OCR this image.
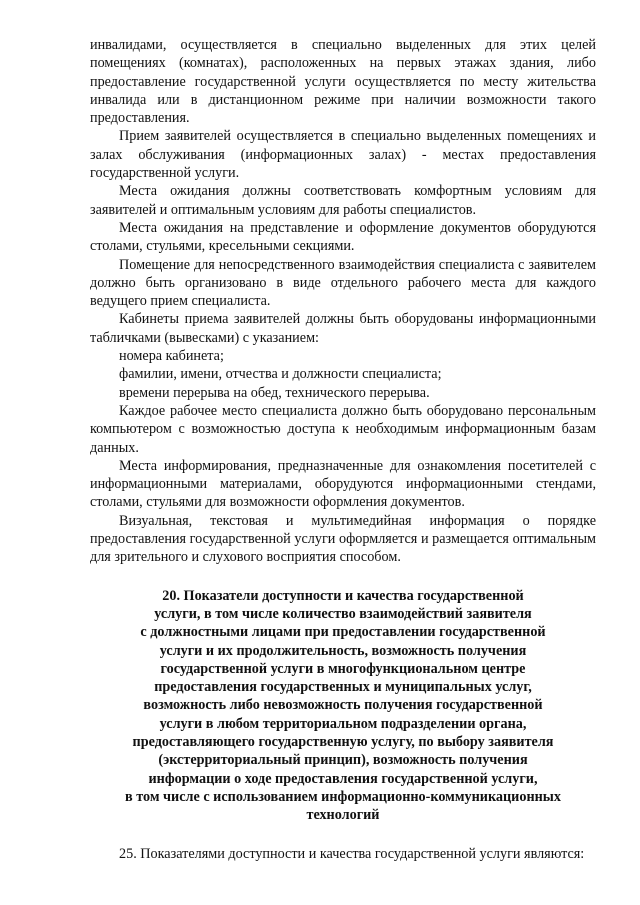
инвалидами, осуществляется в специально выделенных для этих целей помещениях (комнатах), расположенных на первых этажах здания, либо предоставление государственной услуги осуществляется по месту жительства инвалида или в дистанционном режиме при наличии возможности такого предоставления.

Прием заявителей осуществляется в специально выделенных помещениях и залах обслуживания (информационных залах) - местах предоставления государственной услуги.

Места ожидания должны соответствовать комфортным условиям для заявителей и оптимальным условиям для работы специалистов.

Места ожидания на представление и оформление документов оборудуются столами, стульями, кресельными секциями.

Помещение для непосредственного взаимодействия специалиста с заявителем должно быть организовано в виде отдельного рабочего места для каждого ведущего прием специалиста.

Кабинеты приема заявителей должны быть оборудованы информационными табличками (вывесками) с указанием:

номера кабинета;

фамилии, имени, отчества и должности специалиста;

времени перерыва на обед, технического перерыва.

Каждое рабочее место специалиста должно быть оборудовано персональным компьютером с возможностью доступа к необходимым информационным базам данных.

Места информирования, предназначенные для ознакомления посетителей с информационными материалами, оборудуются информационными стендами, столами, стульями для возможности оформления документов.

Визуальная, текстовая и мультимедийная информация о порядке предоставления государственной услуги оформляется и размещается оптимальным для зрительного и слухового восприятия способом.

20. Показатели доступности и качества государственной
услуги, в том числе количество взаимодействий заявителя
с должностными лицами при предоставлении государственной
услуги и их продолжительность, возможность получения
государственной услуги в многофункциональном центре
предоставления государственных и муниципальных услуг,
возможность либо невозможность получения государственной
услуги в любом территориальном подразделении органа,
предоставляющего государственную услугу, по выбору заявителя
(экстерриториальный принцип), возможность получения
информации о ходе предоставления государственной услуги,
в том числе с использованием информационно-коммуникационных
технологий

25. Показателями доступности и качества государственной услуги являются:
